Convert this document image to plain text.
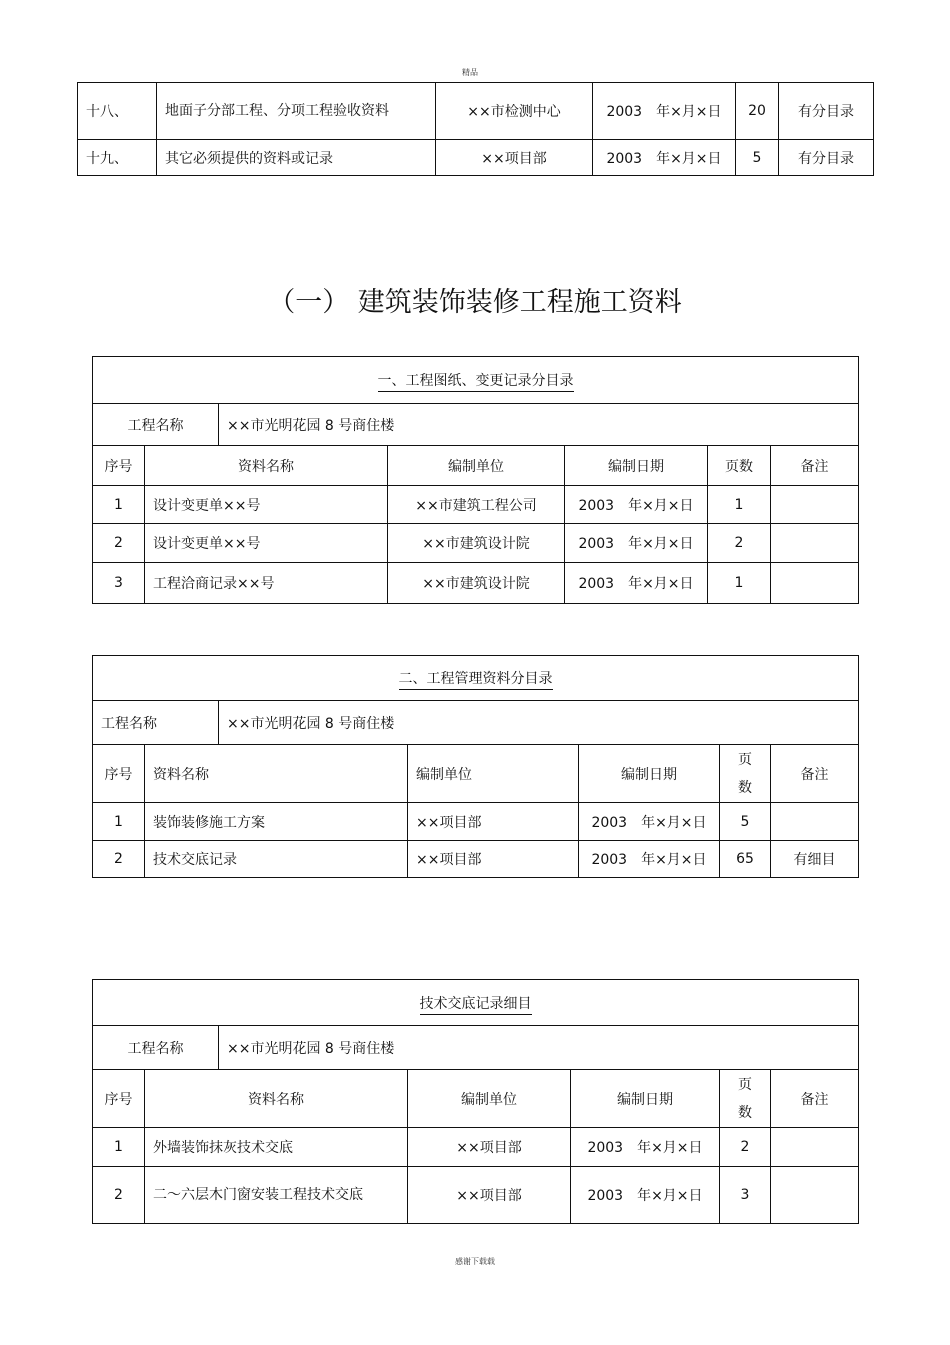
精品
十八、	地面子分部工程、分项工程验收资料	××市检测中心	2003　年×月×日	20	有分目录
十九、	其它必须提供的资料或记录	××项目部	2003　年×月×日	5	有分目录
（一） 建筑装饰装修工程施工资料
一、工程图纸、变更记录分目录						
工程名称		××市光明花园 8 号商住楼				
序号	资料名称		编制单位	编制日期	页数	备注
1	设计变更单××号		××市建筑工程公司	2003　年×月×日	1	
2	设计变更单××号		××市建筑设计院	2003　年×月×日	2	
3	工程洽商记录××号		××市建筑设计院	2003　年×月×日	1	
二、工程管理资料分目录						
工程名称		××市光明花园 8 号商住楼				
序号	资料名称		编制单位	编制日期	页数	备注
1	装饰装修施工方案		××项目部	2003　年×月×日	5	
2	技术交底记录		××项目部	2003　年×月×日	65	有细目
技术交底记录细目						
工程名称		××市光明花园 8 号商住楼				
序号	资料名称		编制单位	编制日期	页数	备注
1	外墙装饰抹灰技术交底		××项目部	2003　年×月×日	2	
2	二～六层木门窗安装工程技术交底		××项目部	2003　年×月×日	3	
感谢下载载
